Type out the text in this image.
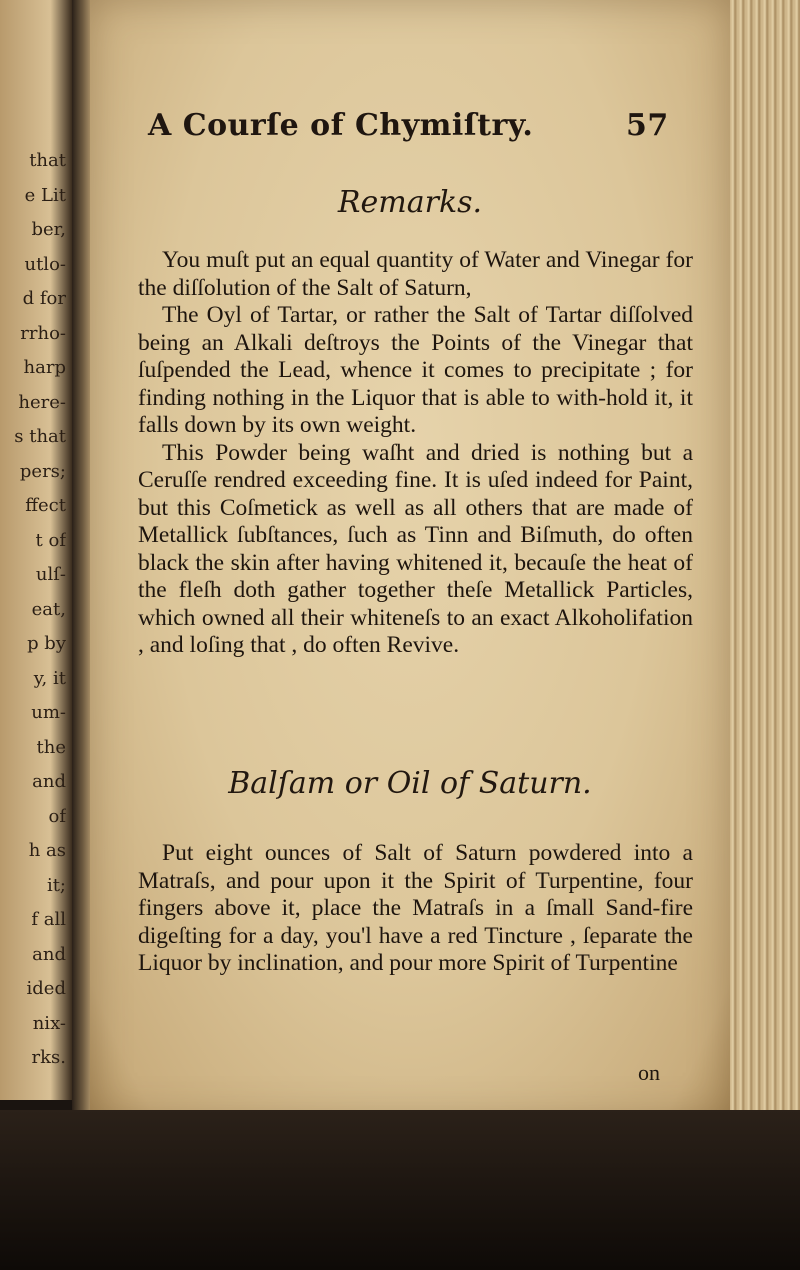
that
e Lit
ber,
utlo-
d for
rrho-
harp
here-
s that
pers;
ffect
t of
ulſ-
eat,
p by
y, it
um-
the
and
of
h as
it;
f all
and
ided
nix-
rks.
A Courſe of Chymiſtry.	57
Remarks.

You muſt put an equal quantity of Water and Vinegar for the diſſolution of the Salt of Saturn,

The Oyl of Tartar, or rather the Salt of Tartar diſſolved being an Alkali deſtroys the Points of the Vinegar that ſuſpended the Lead, whence it comes to precipitate ; for finding nothing in the Liquor that is able to with-hold it, it falls down by its own weight.

This Powder being waſht and dried is nothing but a Ceruſſe rendred exceeding fine. It is uſed indeed for Paint, but this Coſmetick as well as all others that are made of Metallick ſubſtances, ſuch as Tinn and Biſmuth, do often black the skin after having whitened it, becauſe the heat of the fleſh doth gather together theſe Metallick Particles, which owned all their whiteneſs to an exact Alkoholifation , and loſing that , do often Revive.

Balſam or Oil of Saturn.

Put eight ounces of Salt of Saturn powdered into a Matraſs, and pour upon it the Spirit of Turpentine, four fingers above it, place the Matraſs in a ſmall Sand-fire digeſting for a day, you'l have a red Tincture , ſeparate the Liquor by inclination, and pour more Spirit of Turpentine

on
